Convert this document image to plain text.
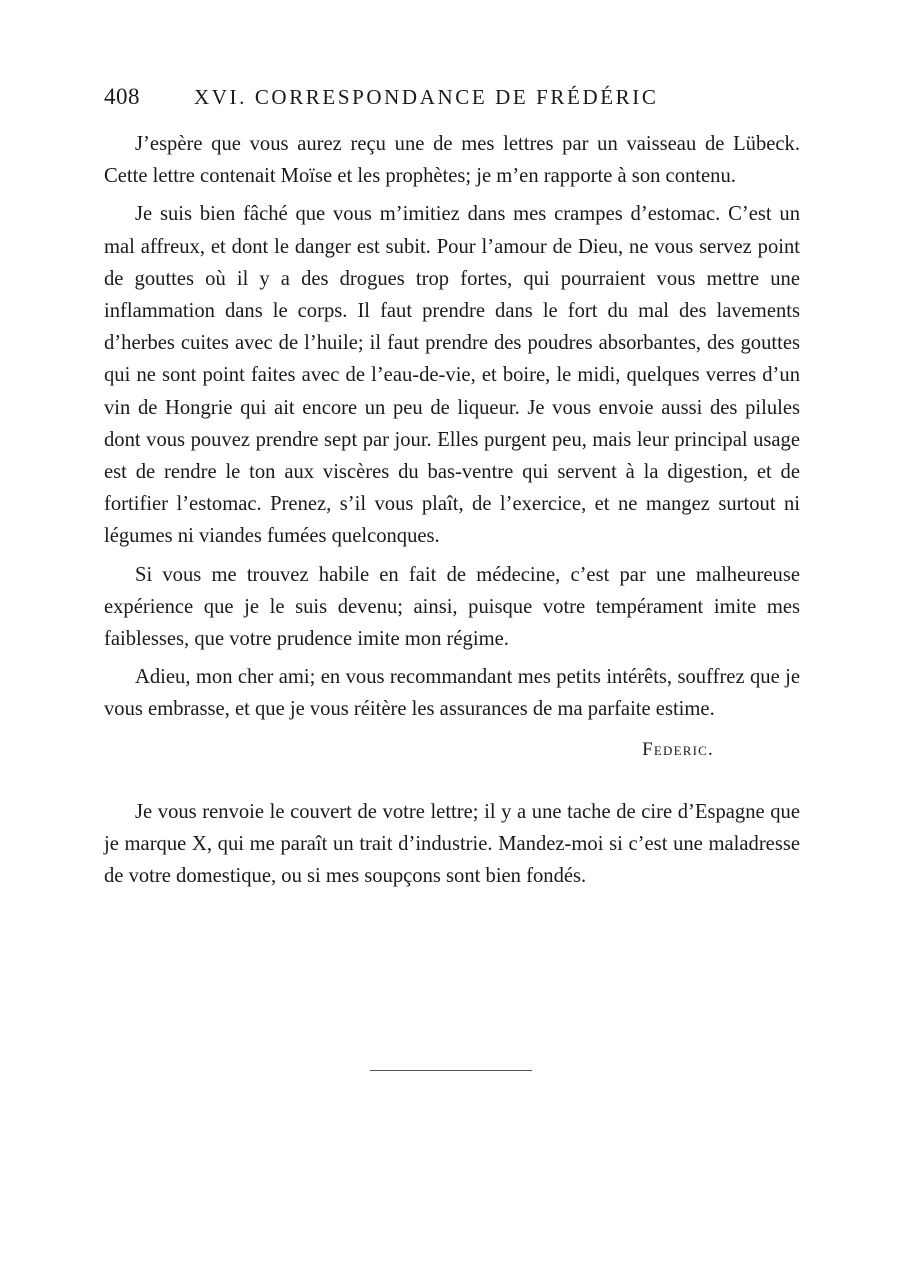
408	XVI. CORRESPONDANCE DE FRÉDÉRIC

J’espère que vous aurez reçu une de mes lettres par un vaisseau de Lübeck. Cette lettre contenait Moïse et les prophètes; je m’en rapporte à son contenu.

Je suis bien fâché que vous m’imitiez dans mes crampes d’estomac. C’est un mal affreux, et dont le danger est subit. Pour l’amour de Dieu, ne vous servez point de gouttes où il y a des drogues trop fortes, qui pourraient vous mettre une inflammation dans le corps. Il faut prendre dans le fort du mal des lavements d’herbes cuites avec de l’huile; il faut prendre des poudres absorbantes, des gouttes qui ne sont point faites avec de l’eau-de-vie, et boire, le midi, quelques verres d’un vin de Hongrie qui ait encore un peu de liqueur. Je vous envoie aussi des pilules dont vous pouvez prendre sept par jour. Elles purgent peu, mais leur principal usage est de rendre le ton aux viscères du bas-ventre qui servent à la digestion, et de fortifier l’estomac. Prenez, s’il vous plaît, de l’exercice, et ne mangez surtout ni légumes ni viandes fumées quelconques.

Si vous me trouvez habile en fait de médecine, c’est par une malheureuse expérience que je le suis devenu; ainsi, puisque votre tempérament imite mes faiblesses, que votre prudence imite mon régime.

Adieu, mon cher ami; en vous recommandant mes petits intérêts, souffrez que je vous embrasse, et que je vous réitère les assurances de ma parfaite estime.

Federic.

Je vous renvoie le couvert de votre lettre; il y a une tache de cire d’Espagne que je marque X, qui me paraît un trait d’industrie. Mandez-moi si c’est une maladresse de votre domestique, ou si mes soupçons sont bien fondés.
